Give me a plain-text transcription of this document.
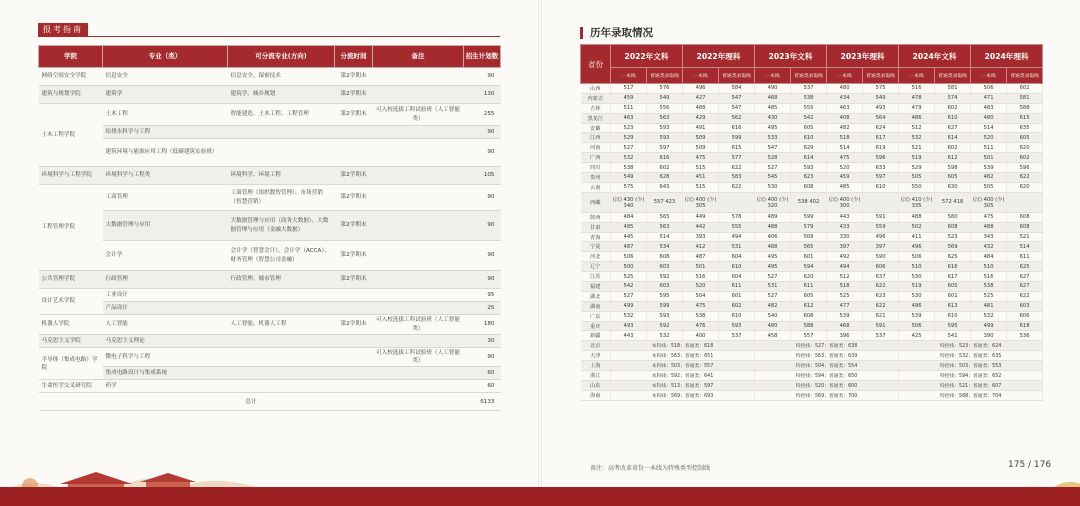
报考指南
学院	专业（类）	可分流专业(方向)	分流时间	备注	招生计划数
网络空间安全学院	信息安全	信息安全、保密技术	第2学期末		90
建筑与规划学院	建筑学	建筑学、城乡规划	第2学期末		130
土木工程学院	土木工程	智能建造、土木工程、工程管理	第2学期末	可入校选拔工科试验班（人工智能类）	255
	给排水科学与工程				90
	建筑环境与能源应用工程（低碳建筑实验班）				90
环境科学与工程学院	环境科学与工程类	环境科学、环境工程	第2学期末		105
工程管理学院	工商管理	工商管理（组织数智管理）、市场营销（智慧营销）	第2学期末		90
	大数据管理与应用	大数据管理与应用（商务大数据）、大数据管理与应用（金融大数据）	第2学期末		90
	会计学	会计学（智慧会计）、会计学（ACCA）、财务管理（智慧公司金融）	第2学期末		90
公共管理学院	行政管理	行政管理、城市管理	第2学期末		90
设计艺术学院	工业设计				95
	产品设计				25
机器人学院	人工智能	人工智能、机器人工程	第2学期末	可入校选拔工科试验班（人工智能类）	180
马克思主义学院	马克思主义理论				30
半导体（集成电路）学院	微电子科学与工程			可入校选拔工科试验班（人工智能类）	90
	集成电路设计与集成系统				60
生命医学交叉研究院	药学				60
总计					6133
历年录取情况
省份	2022年文科		2022年理科		2023年文科		2023年理科		2024年文科		2024年理科	
	一本线	普通类录取线	一本线	普通类录取线	一本线	普通类录取线	一本线	普通类录取线	一本线	普通类录取线	一本线	普通类录取线
山西	517	576	496	584	490	537	480	575	516	581	506	602
内蒙古	459	549	427	547	468	538	434	549	478	574	471	581
吉林	511	556	488	547	485	555	463	493	479	602	483	588
黑龙江	463	563	429	562	430	542	408	564	486	610	480	615
安徽	523	593	491	616	495	605	482	624	512	627	514	635
江西	529	593	509	599	533	610	518	617	532	614	520	605
河南	527	597	509	615	547	629	514	619	521	602	511	620
广西	532	616	475	577	528	614	475	596	519	612	501	602
四川	538	602	515	622	527	593	520	633	529	598	539	596
贵州	549	628	451	583	545	623	459	597	505	605	482	622
云南	575	643	515	622	530	608	485	610	550	630	505	620
西藏	(汉) 430 (少) 340	557 423	(汉) 400 (少) 305		(汉) 400 (少) 320	538 402	(汉) 400 (少) 300		(汉) 410 (少) 335	572 418	(汉) 400 (少) 305	
陕西	484	565	449	578	489	599	443	591	488	580	475	608
甘肃	485	563	442	555	488	579	433	559	502	608	488	608
青海	445	514	393	494	406	509	330	496	411	523	343	521
宁夏	487	534	412	531	488	565	397	397	496	569	432	514
河北	506	608	487	604	495	601	492	590	506	625	484	611
辽宁	500	603	501	610	495	594	494	606	510	616	510	625
江苏	525	592	516	604	527	620	512	637	530	617	516	627
福建	542	603	520	611	531	611	518	622	519	605	538	627
湖北	527	595	504	601	527	605	525	623	530	601	525	622
湖南	499	599	475	602	482	612	477	622	496	613	481	603
广东	532	593	538	610	540	608	539	621	539	610	532	606
重庆	493	592	476	593	480	588	468	591	506	595	499	618
新疆	443	532	400	537	458	557	396	537	425	541	390	536
北京	本科线：518；普通类：618				特控线：527；普通类：638				特控线：523；普通类：624			
天津	本科线：563；普通类：651				特控线：563；普通类：639				特控线：532；普通类：635			
上海	本科线：503；普通类：557				特控线：504；普通类：554				特控线：503；普通类：553			
浙江	本科线：592；普通类：641				特控线：594；普通类：650				特控线：594；普通类：652			
山东	本科线：513；普通类：597				特控线：520；普通类：600				特控线：521；普通类：607			
海南	本科线：569；普通类：693				特控线：569；普通类：700				特控线：568；普通类：704			
备注：高考改革省份一本线为特殊类型控制线	175 / 176
